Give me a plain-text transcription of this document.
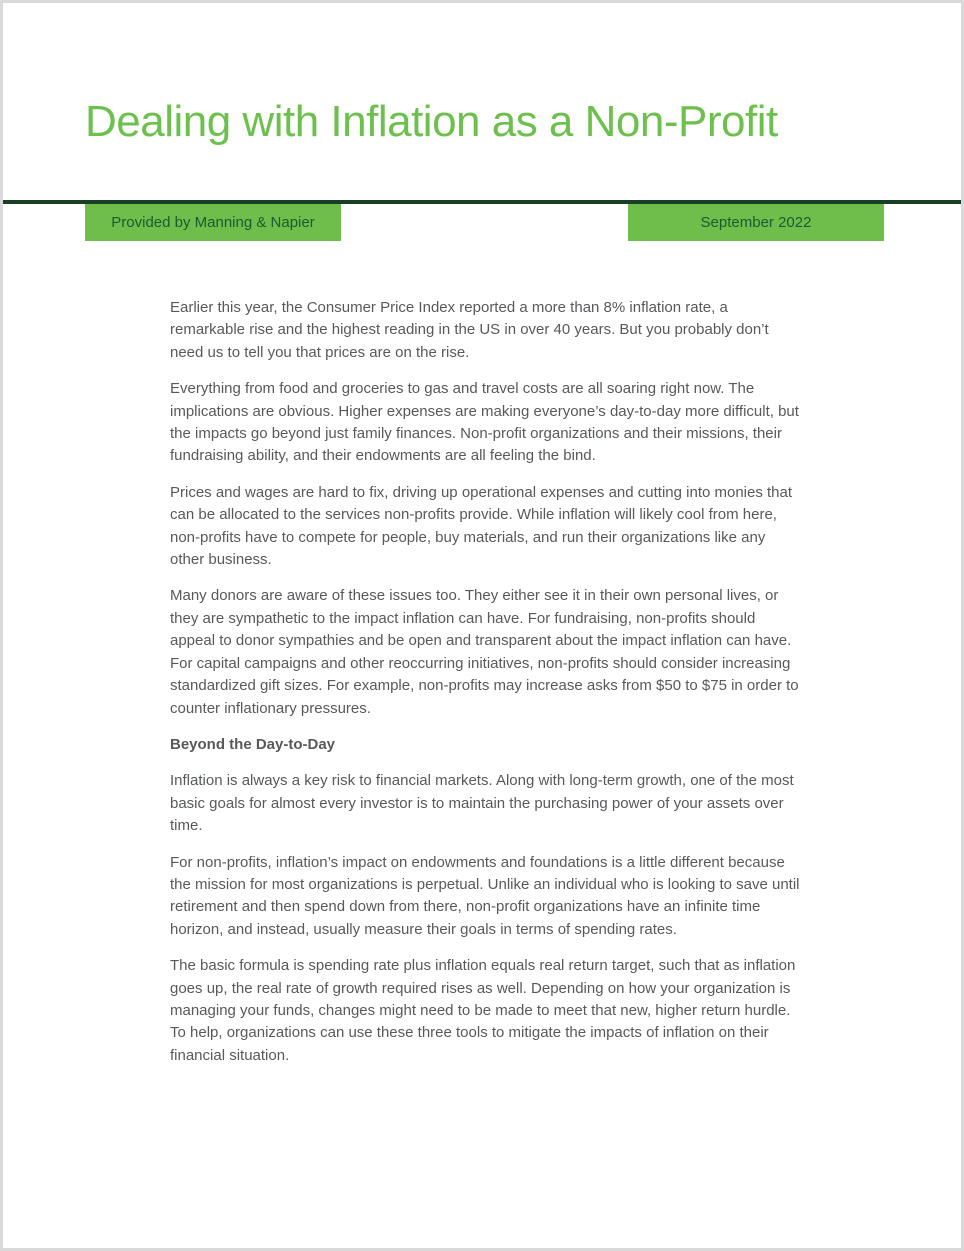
Dealing with Inflation as a Non-Profit
Provided by Manning & Napier	September 2022

Earlier this year, the Consumer Price Index reported a more than 8% inflation rate, a remarkable rise and the highest reading in the US in over 40 years. But you probably don’t need us to tell you that prices are on the rise.

Everything from food and groceries to gas and travel costs are all soaring right now. The implications are obvious. Higher expenses are making everyone’s day-to-day more difficult, but the impacts go beyond just family finances. Non-profit organizations and their missions, their fundraising ability, and their endowments are all feeling the bind.

Prices and wages are hard to fix, driving up operational expenses and cutting into monies that can be allocated to the services non-profits provide. While inflation will likely cool from here, non-profits have to compete for people, buy materials, and run their organizations like any other business.

Many donors are aware of these issues too. They either see it in their own personal lives, or they are sympathetic to the impact inflation can have. For fundraising, non-profits should appeal to donor sympathies and be open and transparent about the impact inflation can have. For capital campaigns and other reoccurring initiatives, non-profits should consider increasing standardized gift sizes. For example, non-profits may increase asks from $50 to $75 in order to counter inflationary pressures.

Beyond the Day-to-Day

Inflation is always a key risk to financial markets. Along with long-term growth, one of the most basic goals for almost every investor is to maintain the purchasing power of your assets over time.

For non-profits, inflation’s impact on endowments and foundations is a little different because the mission for most organizations is perpetual. Unlike an individual who is looking to save until retirement and then spend down from there, non-profit organizations have an infinite time horizon, and instead, usually measure their goals in terms of spending rates.

The basic formula is spending rate plus inflation equals real return target, such that as inflation goes up, the real rate of growth required rises as well. Depending on how your organization is managing your funds, changes might need to be made to meet that new, higher return hurdle. To help, organizations can use these three tools to mitigate the impacts of inflation on their financial situation.
